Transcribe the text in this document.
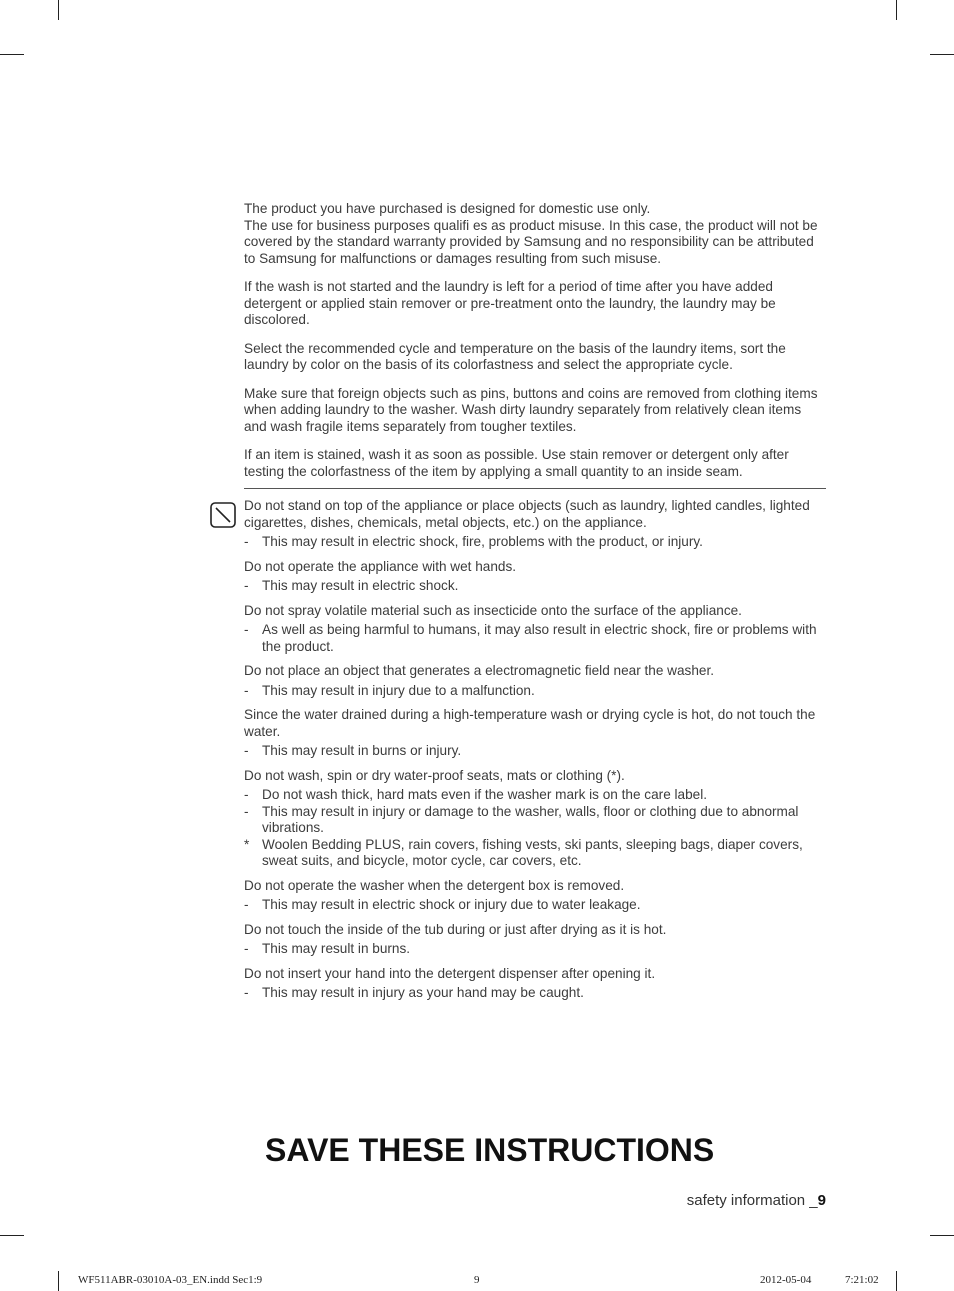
The product you have purchased is designed for domestic use only.
The use for business purposes qualifi es as product misuse. In this case, the product will not be covered by the standard warranty provided by Samsung and no responsibility can be attributed to Samsung for malfunctions or damages resulting from such misuse.

If the wash is not started and the laundry is left for a period of time after you have added detergent or applied stain remover or pre-treatment onto the laundry, the laundry may be discolored.

Select the recommended cycle and temperature on the basis of the laundry items, sort the laundry by color on the basis of its colorfastness and select the appropriate cycle.

Make sure that foreign objects such as pins, buttons and coins are removed from clothing items when adding laundry to the washer. Wash dirty laundry separately from relatively clean items and wash fragile items separately from tougher textiles.

If an item is stained, wash it as soon as possible. Use stain remover or detergent only after testing the colorfastness of the item by applying a small quantity to an inside seam.

Do not stand on top of the appliance or place objects (such as laundry, lighted candles, lighted cigarettes, dishes, chemicals, metal objects, etc.) on the appliance.

- This may result in electric shock, fire, problems with the product, or injury.

Do not operate the appliance with wet hands.

- This may result in electric shock.

Do not spray volatile material such as insecticide onto the surface of the appliance.

- As well as being harmful to humans, it may also result in electric shock, fire or problems with the product.

Do not place an object that generates a electromagnetic field near the washer.

- This may result in injury due to a malfunction.

Since the water drained during a high-temperature wash or drying cycle is hot, do not touch the water.

- This may result in burns or injury.

Do not wash, spin or dry water-proof seats, mats or clothing (*).

- Do not wash thick, hard mats even if the washer mark is on the care label.
- This may result in injury or damage to the washer, walls, floor or clothing due to abnormal vibrations.
* Woolen Bedding PLUS, rain covers, fishing vests, ski pants, sleeping bags, diaper covers, sweat suits, and bicycle, motor cycle, car covers, etc.

Do not operate the washer when the detergent box is removed.

- This may result in electric shock or injury due to water leakage.

Do not touch the inside of the tub during or just after drying as it is hot.

- This may result in burns.

Do not insert your hand into the detergent dispenser after opening it.

- This may result in injury as your hand may be caught.
SAVE THESE INSTRUCTIONS
safety information _9
WF511ABR-03010A-03_EN.indd Sec1:9	9	2012-05-04	7:21:02
